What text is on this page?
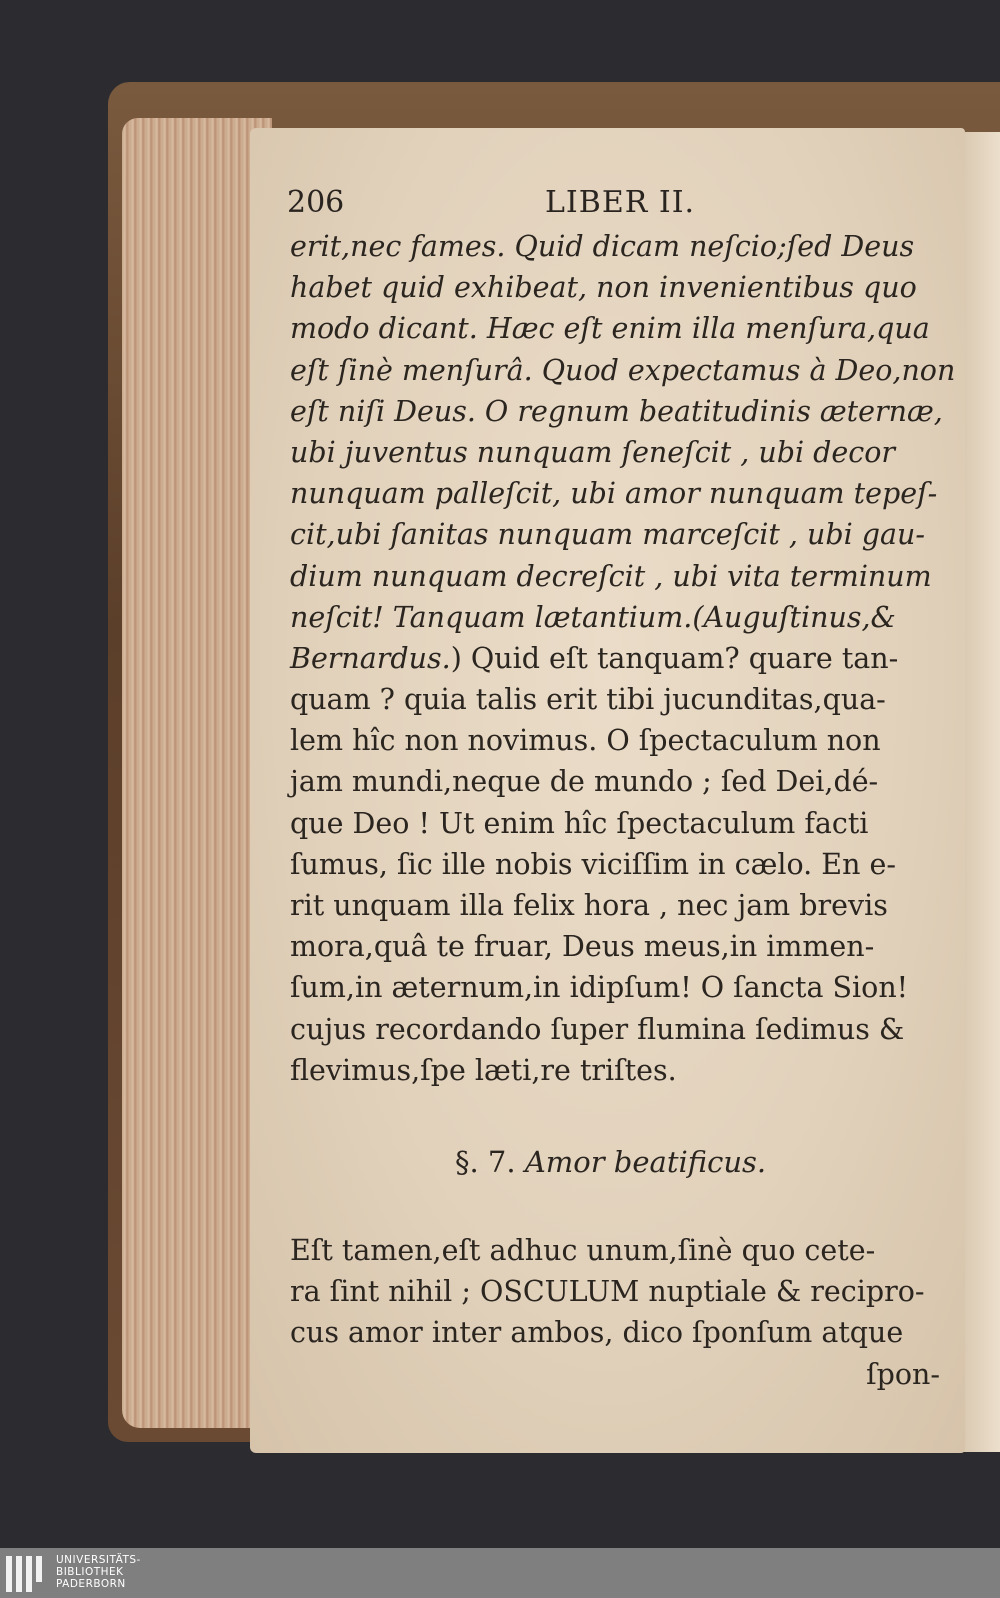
206	LIBER II.
erit,nec fames. Quid dicam neſcio;ſed Deus
habet quid exhibeat, non invenientibus quo
modo dicant. Hæc eſt enim illa menſura,qua
eſt ſinè menſurâ. Quod expectamus à Deo,non
eſt niſi Deus. O regnum beatitudinis æternæ,
ubi juventus nunquam ſeneſcit , ubi decor
nunquam palleſcit, ubi amor nunquam tepeſ-
cit,ubi ſanitas nunquam marceſcit , ubi gau-
dium nunquam decreſcit , ubi vita terminum
neſcit! Tanquam lætantium.(Auguſtinus,&
Bernardus.) Quid eſt tanquam? quare tan-
quam ? quia talis erit tibi jucunditas,qua-
lem hîc non novimus. O ſpectaculum non
jam mundi,neque de mundo ; ſed Dei,dé-
que Deo ! Ut enim hîc ſpectaculum facti
ſumus, ſic ille nobis viciſſim in cælo. En e-
rit unquam illa felix hora , nec jam brevis
mora,quâ te fruar, Deus meus,in immen-
ſum,in æternum,in idipſum! O ſancta Sion!
cujus recordando ſuper flumina ſedimus &
flevimus,ſpe læti,re triſtes.
§. 7. Amor beatificus.
Eſt tamen,eſt adhuc unum,ſinè quo cete-
ra ſint nihil ; OSCULUM nuptiale & recipro-
cus amor inter ambos, dico ſponſum atque
ſpon-
UNIVERSITÄTS-
BIBLIOTHEK
PADERBORN
